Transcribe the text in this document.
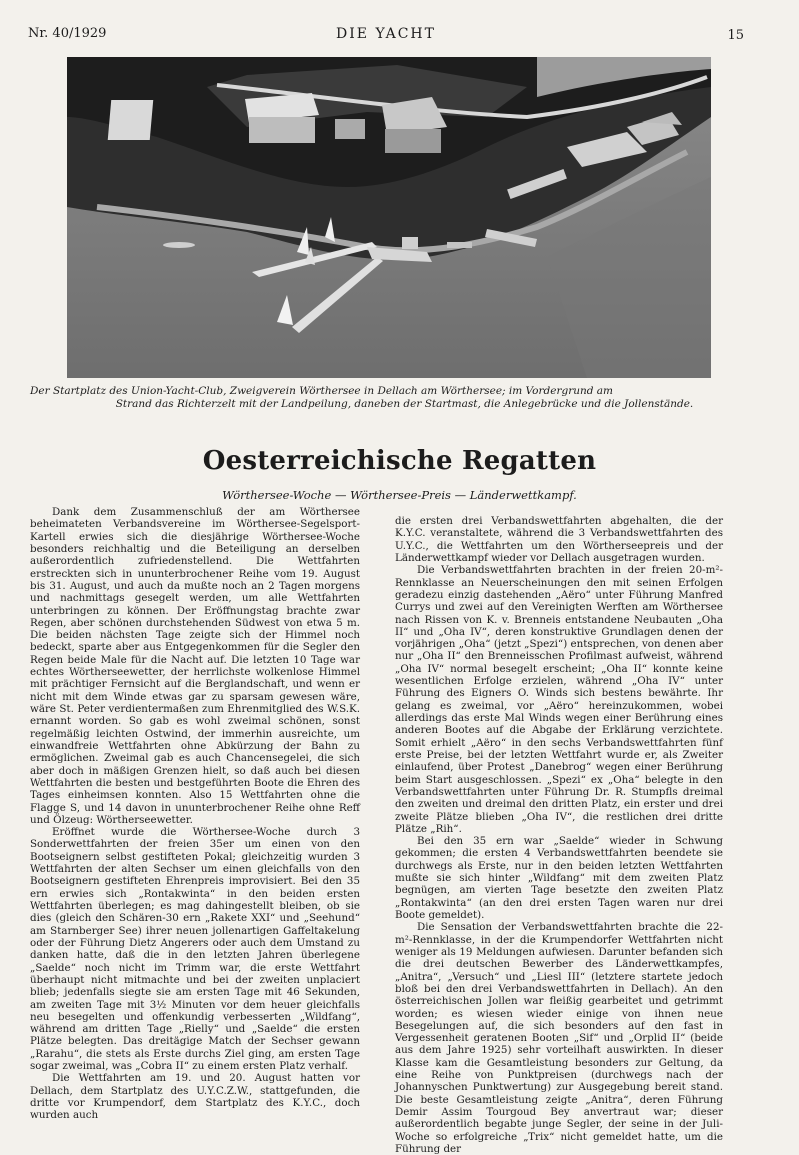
Nr. 40/1929	DIE YACHT	15

Der Startplatz des Union-Yacht-Club, Zweigverein Wörthersee in Dellach am Wörthersee; im Vordergrund am

Strand das Richterzelt mit der Landpeilung, daneben der Startmast, die Anlegebrücke und die Jollenstände.

Oesterreichische Regatten
Wörthersee-Woche — Wörthersee-Preis — Länderwettkampf.

Dank dem Zusammenschluß der am Wörthersee beheimateten Verbandsvereine im Wörthersee-Segelsport-Kartell erwies sich die diesjährige Wörthersee-Woche besonders reichhaltig und die Beteiligung an derselben außerordentlich zufriedenstellend. Die Wettfahrten erstreckten sich in ununterbrochener Reihe vom 19. August bis 31. August, und auch da mußte noch an 2 Tagen morgens und nachmittags gesegelt werden, um alle Wettfahrten unterbringen zu können. Der Eröffnungstag brachte zwar Regen, aber schönen durchstehenden Südwest von etwa 5 m. Die beiden nächsten Tage zeigte sich der Himmel noch bedeckt, sparte aber aus Entgegenkommen für die Segler den Regen beide Male für die Nacht auf. Die letzten 10 Tage war echtes Wörtherseewetter, der herrlichste wolkenlose Himmel mit prächtiger Fernsicht auf die Berglandschaft, und wenn er nicht mit dem Winde etwas gar zu sparsam gewesen wäre, wäre St. Peter verdientermaßen zum Ehrenmitglied des W.S.K. ernannt worden. So gab es wohl zweimal schönen, sonst regelmäßig leichten Ostwind, der immerhin ausreichte, um einwandfreie Wettfahrten ohne Abkürzung der Bahn zu ermöglichen. Zweimal gab es auch Chancensegelei, die sich aber doch in mäßigen Grenzen hielt, so daß auch bei diesen Wettfahrten die besten und bestgeführten Boote die Ehren des Tages einheimsen konnten. Also 15 Wettfahrten ohne die Flagge S, und 14 davon in ununterbrochener Reihe ohne Reff und Ölzeug: Wörtherseewetter.

Eröffnet wurde die Wörthersee-Woche durch 3 Sonderwettfahrten der freien 35er um einen von den Bootseignern selbst gestifteten Pokal; gleichzeitig wurden 3 Wettfahrten der alten Sechser um einen gleichfalls von den Bootseignern gestifteten Ehrenpreis improvisiert. Bei den 35 ern erwies sich „Rontakwinta“ in den beiden ersten Wettfahrten überlegen; es mag dahingestellt bleiben, ob sie dies (gleich den Schären-30 ern „Rakete XXI“ und „Seehund“ am Starnberger See) ihrer neuen jollenartigen Gaffeltakelung oder der Führung Dietz Angerers oder auch dem Umstand zu danken hatte, daß die in den letzten Jahren überlegene „Saelde“ noch nicht im Trimm war, die erste Wettfahrt überhaupt nicht mitmachte und bei der zweiten unplaciert blieb; jedenfalls siegte sie am ersten Tage mit 46 Sekunden, am zweiten Tage mit 3½ Minuten vor dem heuer gleichfalls neu besegelten und offenkundig verbesserten „Wildfang“, während am dritten Tage „Rielly“ und „Saelde“ die ersten Plätze belegten. Das dreitägige Match der Sechser gewann „Rarahu“, die stets als Erste durchs Ziel ging, am ersten Tage sogar zweimal, was „Cobra II“ zu einem ersten Platz verhalf.

Die Wettfahrten am 19. und 20. August hatten vor Dellach, dem Startplatz des U.Y.C.Z.W., stattgefunden, die dritte vor Krumpendorf, dem Startplatz des K.Y.C., doch wurden auch

die ersten drei Verbandswettfahrten abgehalten, die der K.Y.C. veranstaltete, während die 3 Verbandswettfahrten des U.Y.C., die Wettfahrten um den Wörtherseepreis und der Länderwettkampf wieder vor Dellach ausgetragen wurden.

Die Verbandswettfahrten brachten in der freien 20-m²-Rennklasse an Neuerscheinungen den mit seinen Erfolgen geradezu einzig dastehenden „Aëro“ unter Führung Manfred Currys und zwei auf den Vereinigten Werften am Wörthersee nach Rissen von K. v. Brenneis entstandene Neubauten „Oha II“ und „Oha IV“, deren konstruktive Grundlagen denen der vorjährigen „Oha“ (jetzt „Spezi“) entsprechen, von denen aber nur „Oha II“ den Brenneisschen Profilmast aufweist, während „Oha IV“ normal besegelt erscheint; „Oha II“ konnte keine wesentlichen Erfolge erzielen, während „Oha IV“ unter Führung des Eigners O. Winds sich bestens bewährte. Ihr gelang es zweimal, vor „Aëro“ hereinzukommen, wobei allerdings das erste Mal Winds wegen einer Berührung eines anderen Bootes auf die Abgabe der Erklärung verzichtete. Somit erhielt „Aëro“ in den sechs Verbandswettfahrten fünf erste Preise, bei der letzten Wettfahrt wurde er, als Zweiter einlaufend, über Protest „Danebrog“ wegen einer Berührung beim Start ausgeschlossen. „Spezi“ ex „Oha“ belegte in den Verbandswettfahrten unter Führung Dr. R. Stumpfls dreimal den zweiten und dreimal den dritten Platz, ein erster und drei zweite Plätze blieben „Oha IV“, die restlichen drei dritte Plätze „Rih“.

Bei den 35 ern war „Saelde“ wieder in Schwung gekommen; die ersten 4 Verbandswettfahrten beendete sie durchwegs als Erste, nur in den beiden letzten Wettfahrten mußte sie sich hinter „Wildfang“ mit dem zweiten Platz begnügen, am vierten Tage besetzte den zweiten Platz „Rontakwinta“ (an den drei ersten Tagen waren nur drei Boote gemeldet).

Die Sensation der Verbandswettfahrten brachte die 22-m²-Rennklasse, in der die Krumpendorfer Wettfahrten nicht weniger als 19 Meldungen aufwiesen. Darunter befanden sich die drei deutschen Bewerber des Länderwettkampfes, „Anitra“, „Versuch“ und „Liesl III“ (letztere startete jedoch bloß bei den drei Verbandswettfahrten in Dellach). An den österreichischen Jollen war fleißig gearbeitet und getrimmt worden; es wiesen wieder einige von ihnen neue Besegelungen auf, die sich besonders auf den fast in Vergessenheit geratenen Booten „Sif“ und „Orplid II“ (beide aus dem Jahre 1925) sehr vorteilhaft auswirkten. In dieser Klasse kam die Gesamtleistung besonders zur Geltung, da eine Reihe von Punktpreisen (durchwegs nach der Johannyschen Punktwertung) zur Ausgegebung bereit stand. Die beste Gesamtleistung zeigte „Anitra“, deren Führung Demir Assim Tourgoud Bey anvertraut war; dieser außerordentlich begabte junge Segler, der seine in der Juli-Woche so erfolgreiche „Trix“ nicht gemeldet hatte, um die Führung der
